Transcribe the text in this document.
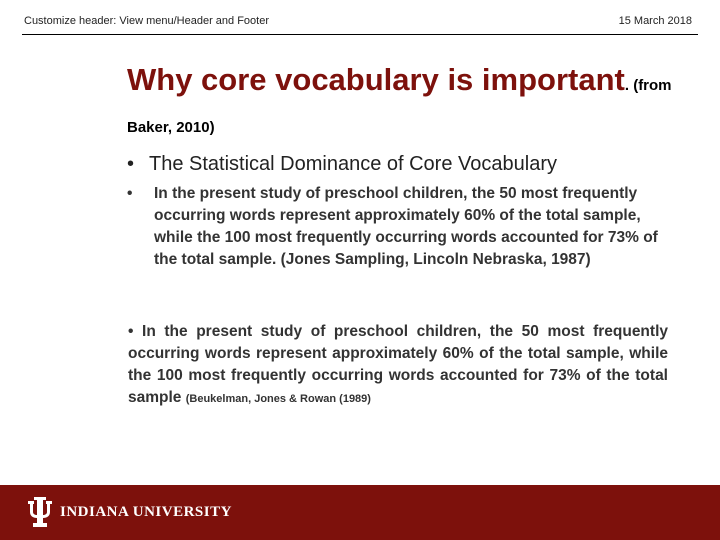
Customize header: View menu/Header and Footer	15 March 2018
Why core vocabulary is important. (from Baker, 2010)
• The Statistical Dominance of Core Vocabulary
• In the present study of preschool children, the 50 most frequently occurring words represent approximately 60% of the total sample, while the 100 most frequently occurring words accounted for 73% of the total sample. (Jones Sampling, Lincoln Nebraska, 1987)
• In the present study of preschool children, the 50 most frequently occurring words represent approximately 60% of the total sample, while the 100 most frequently occurring words accounted for 73% of the total sample (Beukelman, Jones & Rowan (1989)
INDIANA UNIVERSITY
